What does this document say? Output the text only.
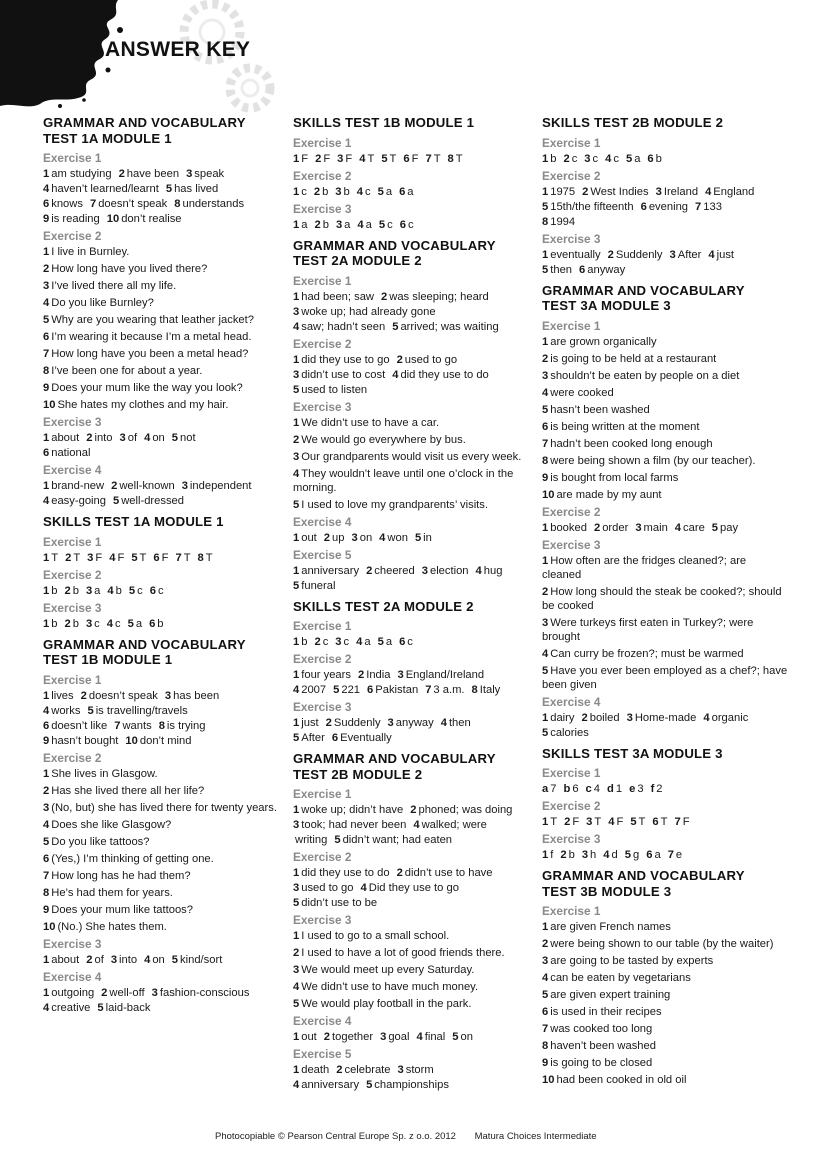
ANSWER KEY
GRAMMAR AND VOCABULARY
TEST 1A MODULE 1
Exercise 1
1 am studying 2 have been 3 speak
4 haven’t learned/learnt 5 has lived
6 knows 7 doesn’t speak 8 understands
9 is reading 10 don’t realise
Exercise 2
1 I live in Burnley.
2 How long have you lived there?
3 I’ve lived there all my life.
4 Do you like Burnley?
5 Why are you wearing that leather jacket?
6 I’m wearing it because I’m a metal head.
7 How long have you been a metal head?
8 I’ve been one for about a year.
9 Does your mum like the way you look?
10 She hates my clothes and my hair.
Exercise 3
1 about 2 into 3 of 4 on 5 not
6 national
Exercise 4
1 brand-new 2 well-known 3 independent
4 easy-going 5 well-dressed
SKILLS TEST 1A MODULE 1
Exercise 1
1 T 2 T 3 F 4 F 5 T 6 F 7 T 8 T
Exercise 2
1 b 2 b 3 a 4 b 5 c 6 c
Exercise 3
1 b 2 b 3 c 4 c 5 a 6 b
GRAMMAR AND VOCABULARY
TEST 1B MODULE 1
Exercise 1
1 lives 2 doesn’t speak 3 has been
4 works 5 is travelling/travels
6 doesn’t like 7 wants 8 is trying
9 hasn’t bought 10 don’t mind
Exercise 2
1 She lives in Glasgow.
2 Has she lived there all her life?
3 (No, but) she has lived there for twenty years.
4 Does she like Glasgow?
5 Do you like tattoos?
6 (Yes,) I’m thinking of getting one.
7 How long has he had them?
8 He’s had them for years.
9 Does your mum like tattoos?
10 (No.) She hates them.
Exercise 3
1 about 2 of 3 into 4 on 5 kind/sort
Exercise 4
1 outgoing 2 well-off 3 fashion-conscious
4 creative 5 laid-back
SKILLS TEST 1B MODULE 1
Exercise 1
1 F 2 F 3 F 4 T 5 T 6 F 7 T 8 T
Exercise 2
1 c 2 b 3 b 4 c 5 a 6 a
Exercise 3
1 a 2 b 3 a 4 a 5 c 6 c
GRAMMAR AND VOCABULARY
TEST 2A MODULE 2
Exercise 1
1 had been; saw 2 was sleeping; heard
3 woke up; had already gone
4 saw; hadn’t seen 5 arrived; was waiting
Exercise 2
1 did they use to go 2 used to go
3 didn’t use to cost 4 did they use to do
5 used to listen
Exercise 3
1 We didn’t use to have a car.
2 We would go everywhere by bus.
3 Our grandparents would visit us every week.
4 They wouldn’t leave until one o’clock in the morning.
5 I used to love my grandparents’ visits.
Exercise 4
1 out 2 up 3 on 4 won 5 in
Exercise 5
1 anniversary 2 cheered 3 election 4 hug
5 funeral
SKILLS TEST 2A MODULE 2
Exercise 1
1 b 2 c 3 c 4 a 5 a 6 c
Exercise 2
1 four years 2 India 3 England/Ireland
4 2007 5 221 6 Pakistan 7 3 a.m. 8 Italy
Exercise 3
1 just 2 Suddenly 3 anyway 4 then
5 After 6 Eventually
GRAMMAR AND VOCABULARY
TEST 2B MODULE 2
Exercise 1
1 woke up; didn’t have 2 phoned; was doing
3 took; had never been 4 walked; were
writing 5 didn’t want; had eaten
Exercise 2
1 did they use to do 2 didn’t use to have
3 used to go 4 Did they use to go
5 didn’t use to be
Exercise 3
1 I used to go to a small school.
2 I used to have a lot of good friends there.
3 We would meet up every Saturday.
4 We didn’t use to have much money.
5 We would play football in the park.
Exercise 4
1 out 2 together 3 goal 4 final 5 on
Exercise 5
1 death 2 celebrate 3 storm
4 anniversary 5 championships
SKILLS TEST 2B MODULE 2
Exercise 1
1 b 2 c 3 c 4 c 5 a 6 b
Exercise 2
1 1975 2 West Indies 3 Ireland 4 England
5 15th/the fifteenth 6 evening 7 133
8 1994
Exercise 3
1 eventually 2 Suddenly 3 After 4 just
5 then 6 anyway
GRAMMAR AND VOCABULARY
TEST 3A MODULE 3
Exercise 1
1 are grown organically
2 is going to be held at a restaurant
3 shouldn’t be eaten by people on a diet
4 were cooked
5 hasn’t been washed
6 is being written at the moment
7 hadn’t been cooked long enough
8 were being shown a film (by our teacher).
9 is bought from local farms
10 are made by my aunt
Exercise 2
1 booked 2 order 3 main 4 care 5 pay
Exercise 3
1 How often are the fridges cleaned?; are cleaned
2 How long should the steak be cooked?; should be cooked
3 Were turkeys first eaten in Turkey?; were brought
4 Can curry be frozen?; must be warmed
5 Have you ever been employed as a chef?; have been given
Exercise 4
1 dairy 2 boiled 3 Home-made 4 organic
5 calories
SKILLS TEST 3A MODULE 3
Exercise 1
a 7 b 6 c 4 d 1 e 3 f 2
Exercise 2
1 T 2 F 3 T 4 F 5 T 6 T 7 F
Exercise 3
1 f 2 b 3 h 4 d 5 g 6 a 7 e
GRAMMAR AND VOCABULARY
TEST 3B MODULE 3
Exercise 1
1 are given French names
2 were being shown to our table (by the waiter)
3 are going to be tasted by experts
4 can be eaten by vegetarians
5 are given expert training
6 is used in their recipes
7 was cooked too long
8 haven’t been washed
9 is going to be closed
10 had been cooked in old oil
Photocopiable © Pearson Central Europe Sp. z o.o. 2012 Matura Choices Intermediate
